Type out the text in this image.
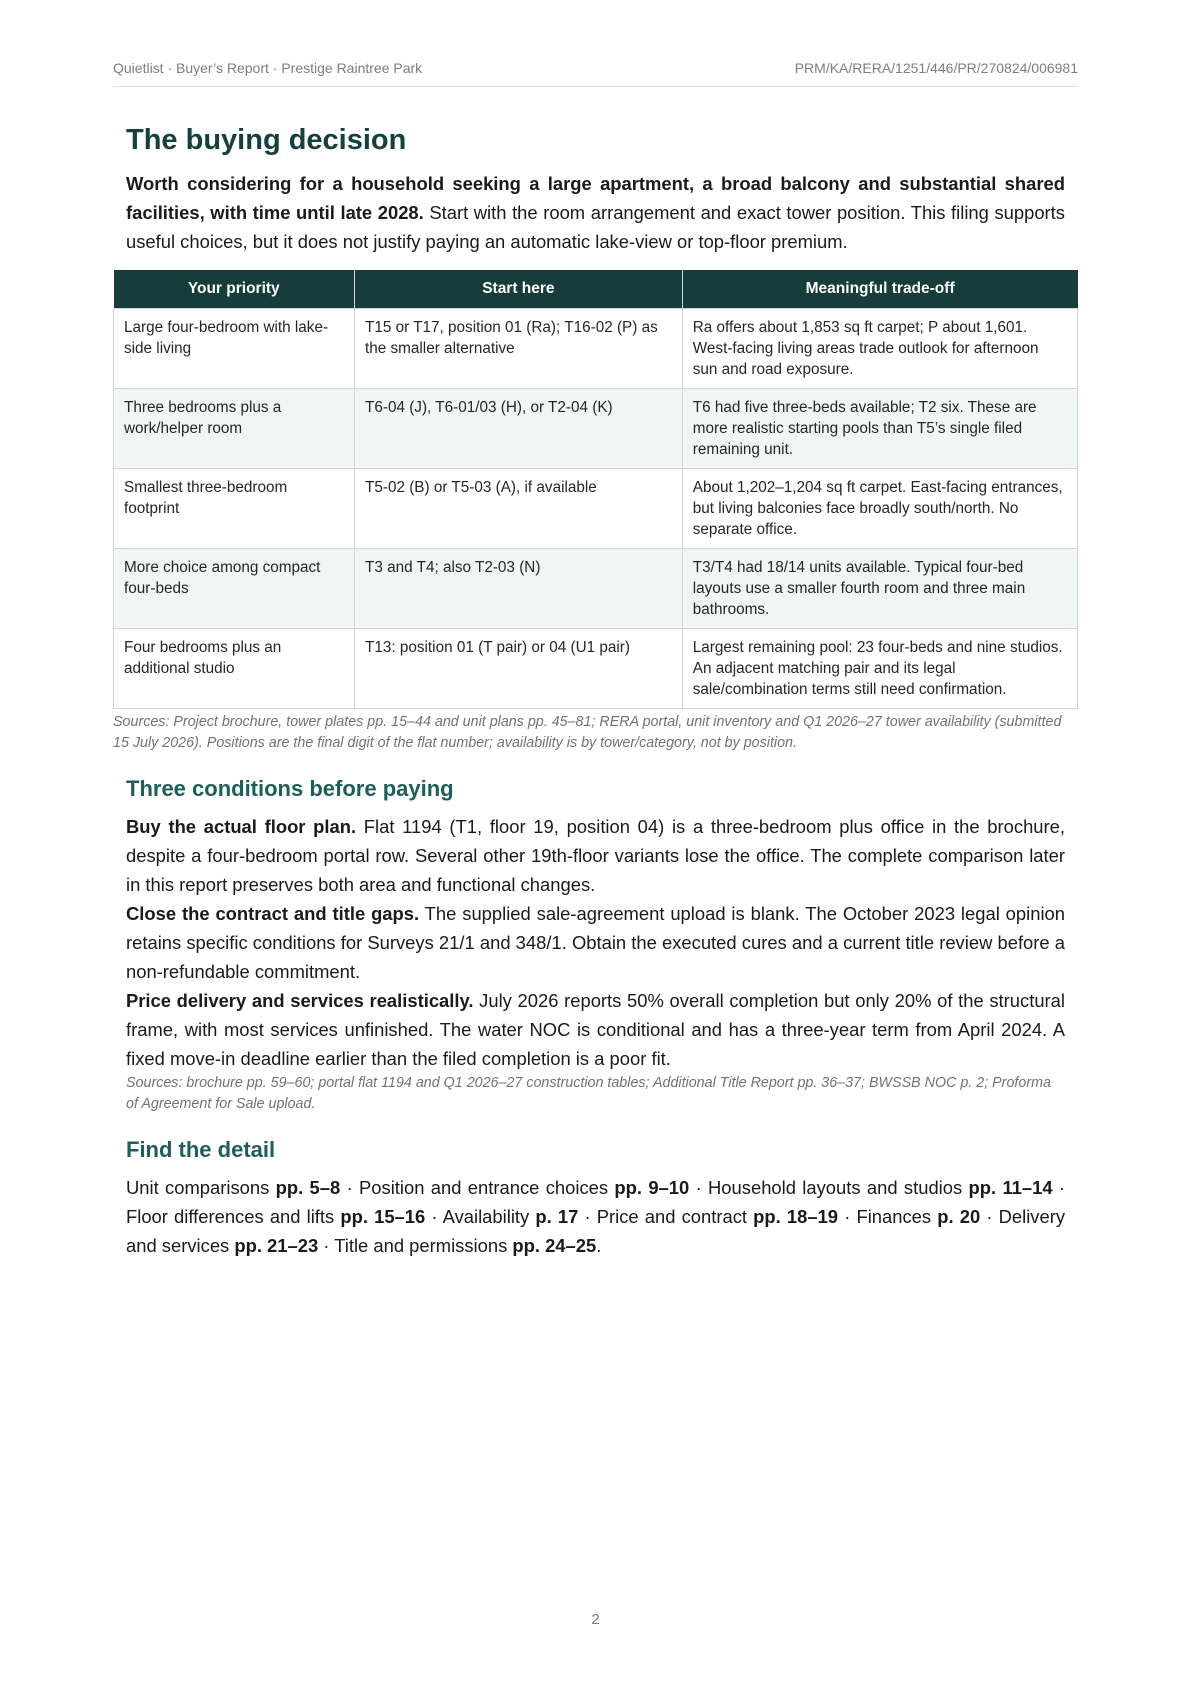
Quietlist · Buyer’s Report · Prestige Raintree Park	PRM/KA/RERA/1251/446/PR/270824/006981
The buying decision

Worth considering for a household seeking a large apartment, a broad balcony and substantial shared facilities, with time until late 2028. Start with the room arrangement and exact tower position. This filing supports useful choices, but it does not justify paying an automatic lake-view or top-floor premium.

Your priority	Start here	Meaningful trade-off
Large four-bedroom with lake-side living	T15 or T17, position 01 (Ra); T16-02 (P) as the smaller alternative	Ra offers about 1,853 sq ft carpet; P about 1,601. West-facing living areas trade outlook for afternoon sun and road exposure.
Three bedrooms plus a work/helper room	T6-04 (J), T6-01/03 (H), or T2-04 (K)	T6 had five three-beds available; T2 six. These are more realistic starting pools than T5’s single filed remaining unit.
Smallest three-bedroom footprint	T5-02 (B) or T5-03 (A), if available	About 1,202–1,204 sq ft carpet. East-facing entrances, but living balconies face broadly south/north. No separate office.
More choice among compact four-beds	T3 and T4; also T2-03 (N)	T3/T4 had 18/14 units available. Typical four-bed layouts use a smaller fourth room and three main bathrooms.
Four bedrooms plus an additional studio	T13: position 01 (T pair) or 04 (U1 pair)	Largest remaining pool: 23 four-beds and nine studios. An adjacent matching pair and its legal sale/combination terms still need confirmation.
Sources: Project brochure, tower plates pp. 15–44 and unit plans pp. 45–81; RERA portal, unit inventory and Q1 2026–27 tower availability (submitted 15 July 2026). Positions are the final digit of the flat number; availability is by tower/category, not by position.
Three conditions before paying

Buy the actual floor plan. Flat 1194 (T1, floor 19, position 04) is a three-bedroom plus office in the brochure, despite a four-bedroom portal row. Several other 19th-floor variants lose the office. The complete comparison later in this report preserves both area and functional changes.

Close the contract and title gaps. The supplied sale-agreement upload is blank. The October 2023 legal opinion retains specific conditions for Surveys 21/1 and 348/1. Obtain the executed cures and a current title review before a non-refundable commitment.

Price delivery and services realistically. July 2026 reports 50% overall completion but only 20% of the structural frame, with most services unfinished. The water NOC is conditional and has a three-year term from April 2024. A fixed move-in deadline earlier than the filed completion is a poor fit.

Sources: brochure pp. 59–60; portal flat 1194 and Q1 2026–27 construction tables; Additional Title Report pp. 36–37; BWSSB NOC p. 2; Proforma of Agreement for Sale upload.
Find the detail

Unit comparisons pp. 5–8 · Position and entrance choices pp. 9–10 · Household layouts and studios pp. 11–14 · Floor differences and lifts pp. 15–16 · Availability p. 17 · Price and contract pp. 18–19 · Finances p. 20 · Delivery and services pp. 21–23 · Title and permissions pp. 24–25.

2
